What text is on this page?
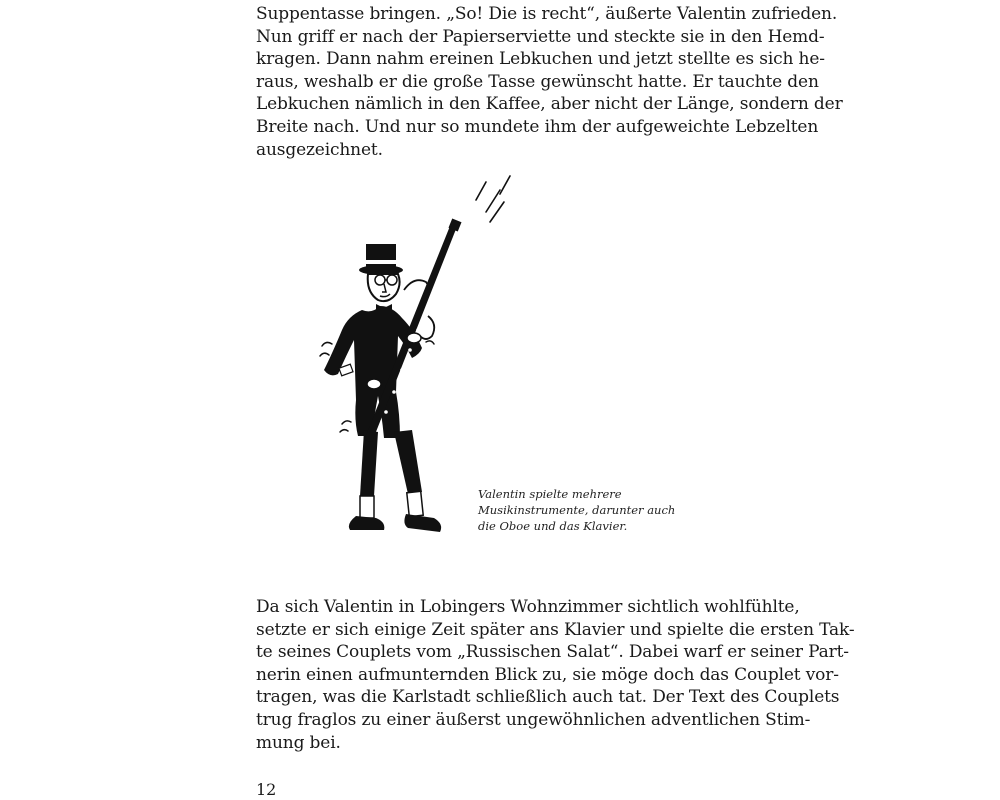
Suppentasse bringen. „So! Die is recht“, äußerte Valentin zufrieden.
Nun griff er nach der Papierserviette und steckte sie in den Hemd-
kragen. Dann nahm ereinen Lebkuchen und jetzt stellte es sich he-
raus, weshalb er die große Tasse gewünscht hatte. Er tauchte den
Lebkuchen nämlich in den Kaffee, aber nicht der Länge, sondern der
Breite nach. Und nur so mundete ihm der aufgeweichte Lebzelten
ausgezeichnet.

Valentin spielte mehrere
Musikinstrumente, darunter auch
die Oboe und das Klavier.

Da sich Valentin in Lobingers Wohnzimmer sichtlich wohlfühlte,
setzte er sich einige Zeit später ans Klavier und spielte die ersten Tak-
te seines Couplets vom „Russischen Salat“. Dabei warf er seiner Part-
nerin einen aufmunternden Blick zu, sie möge doch das Couplet vor-
tragen, was die Karlstadt schließlich auch tat. Der Text des Couplets
trug fraglos zu einer äußerst ungewöhnlichen adventlichen Stim-
mung bei.

12
